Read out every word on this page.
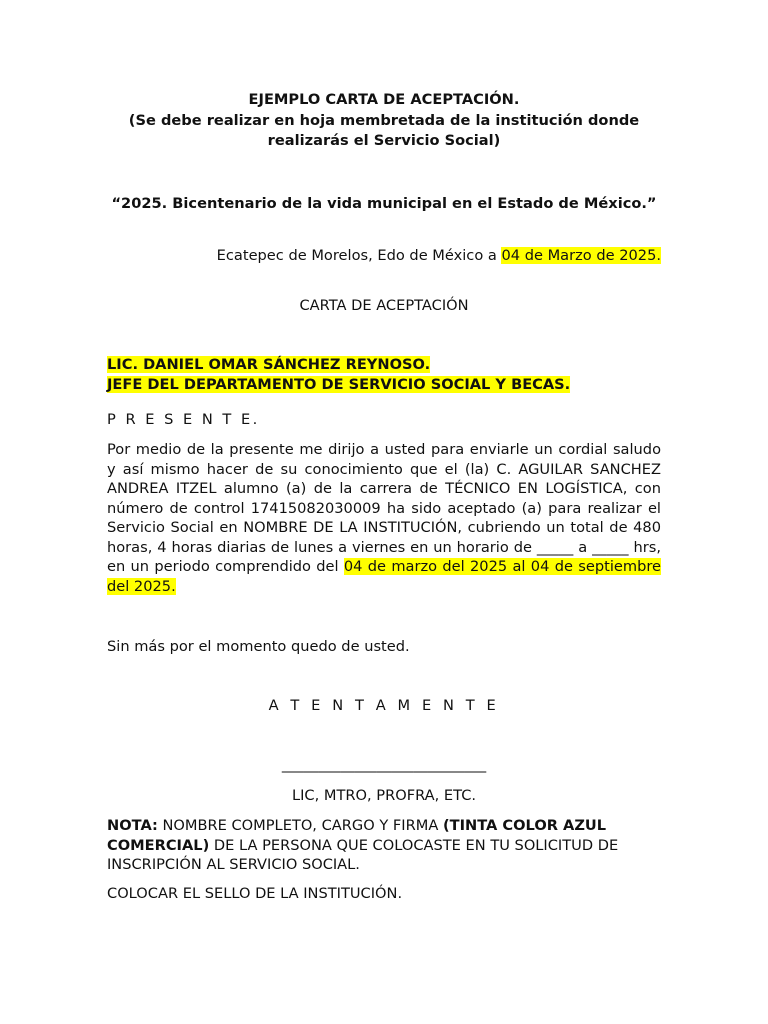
EJEMPLO CARTA DE ACEPTACIÓN.
(Se debe realizar en hoja membretada de la institución donde realizarás el Servicio Social)
“2025. Bicentenario de la vida municipal en el Estado de México.”
Ecatepec de Morelos, Edo de México a 04 de Marzo de 2025.
CARTA DE ACEPTACIÓN
LIC. DANIEL OMAR SÁNCHEZ REYNOSO.
JEFE DEL DEPARTAMENTO DE SERVICIO SOCIAL Y BECAS.
P R E S E N T E.
Por medio de la presente me dirijo a usted para enviarle un cordial saludo y así mismo hacer de su conocimiento que el (la) C. AGUILAR SANCHEZ ANDREA ITZEL alumno (a) de la carrera de TÉCNICO EN LOGÍSTICA, con número de control 17415082030009 ha sido aceptado (a) para realizar el Servicio Social en NOMBRE DE LA INSTITUCIÓN, cubriendo un total de 480 horas, 4 horas diarias de lunes a viernes en un horario de _____ a _____ hrs, en un periodo comprendido del 04 de marzo del 2025 al 04 de septiembre del 2025.
Sin más por el momento quedo de usted.
A T E N T A M E N T E
____________________________
LIC, MTRO, PROFRA, ETC.
NOTA: NOMBRE COMPLETO, CARGO Y FIRMA (TINTA COLOR AZUL COMERCIAL) DE LA PERSONA QUE COLOCASTE EN TU SOLICITUD DE INSCRIPCIÓN AL SERVICIO SOCIAL.
COLOCAR EL SELLO DE LA INSTITUCIÓN.
